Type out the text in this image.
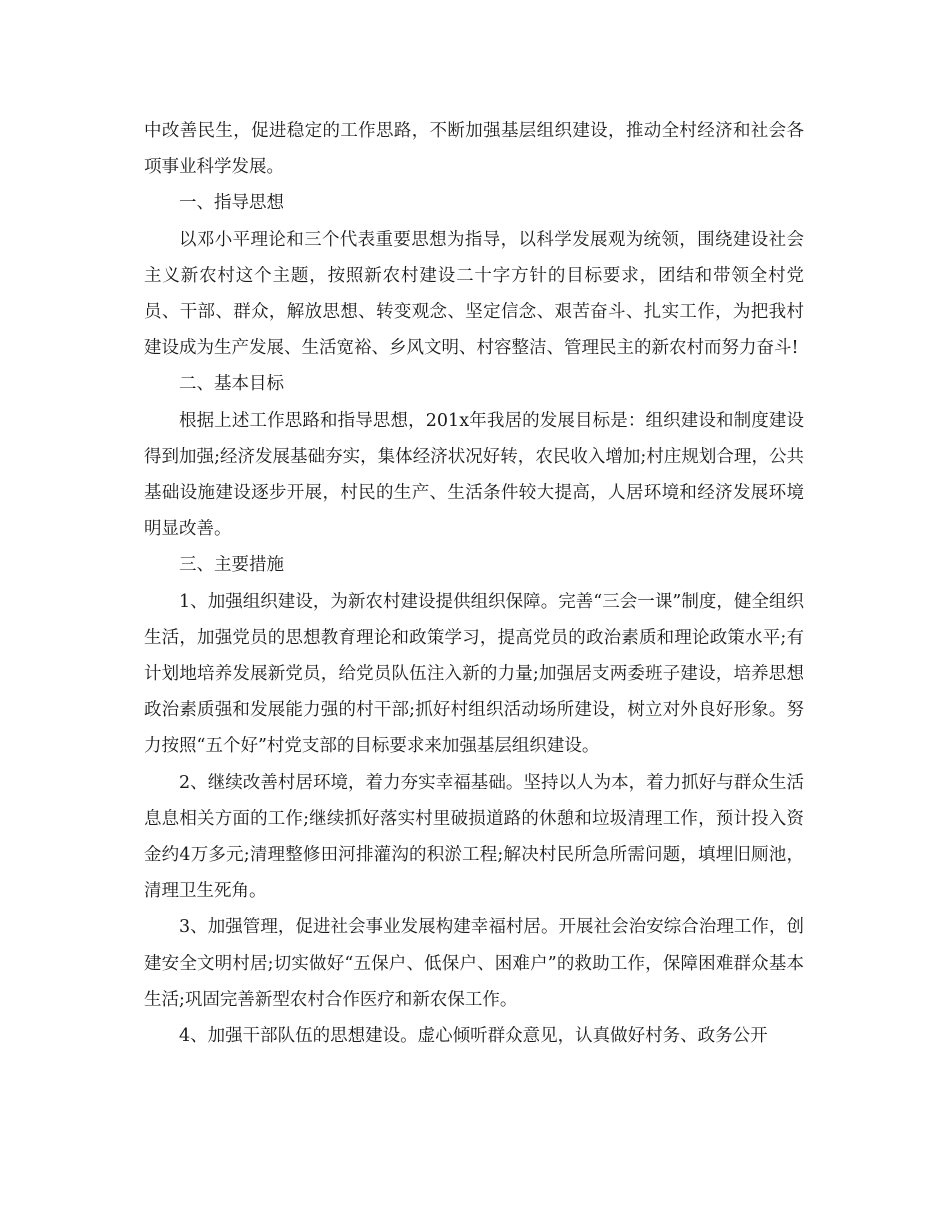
中改善民生，促进稳定的工作思路，不断加强基层组织建设，推动全村经济和社会各项事业科学发展。

一、指导思想

以邓小平理论和三个代表重要思想为指导，以科学发展观为统领，围绕建设社会主义新农村这个主题，按照新农村建设二十字方针的目标要求，团结和带领全村党员、干部、群众，解放思想、转变观念、坚定信念、艰苦奋斗、扎实工作，为把我村建设成为生产发展、生活宽裕、乡风文明、村容整洁、管理民主的新农村而努力奋斗!

二、基本目标

根据上述工作思路和指导思想，201x年我居的发展目标是：组织建设和制度建设得到加强;经济发展基础夯实，集体经济状况好转，农民收入增加;村庄规划合理，公共基础设施建设逐步开展，村民的生产、生活条件较大提高，人居环境和经济发展环境明显改善。

三、主要措施

1、加强组织建设，为新农村建设提供组织保障。完善“三会一课”制度，健全组织生活，加强党员的思想教育理论和政策学习，提高党员的政治素质和理论政策水平;有计划地培养发展新党员，给党员队伍注入新的力量;加强居支两委班子建设，培养思想政治素质强和发展能力强的村干部;抓好村组织活动场所建设，树立对外良好形象。努力按照“五个好”村党支部的目标要求来加强基层组织建设。

2、继续改善村居环境，着力夯实幸福基础。坚持以人为本，着力抓好与群众生活息息相关方面的工作;继续抓好落实村里破损道路的休憩和垃圾清理工作，预计投入资金约4万多元;清理整修田河排灌沟的积淤工程;解决村民所急所需问题，填埋旧厕池，清理卫生死角。

3、加强管理，促进社会事业发展构建幸福村居。开展社会治安综合治理工作，创建安全文明村居;切实做好“五保户、低保户、困难户”的救助工作，保障困难群众基本生活;巩固完善新型农村合作医疗和新农保工作。

4、加强干部队伍的思想建设。虚心倾听群众意见，认真做好村务、政务公开
